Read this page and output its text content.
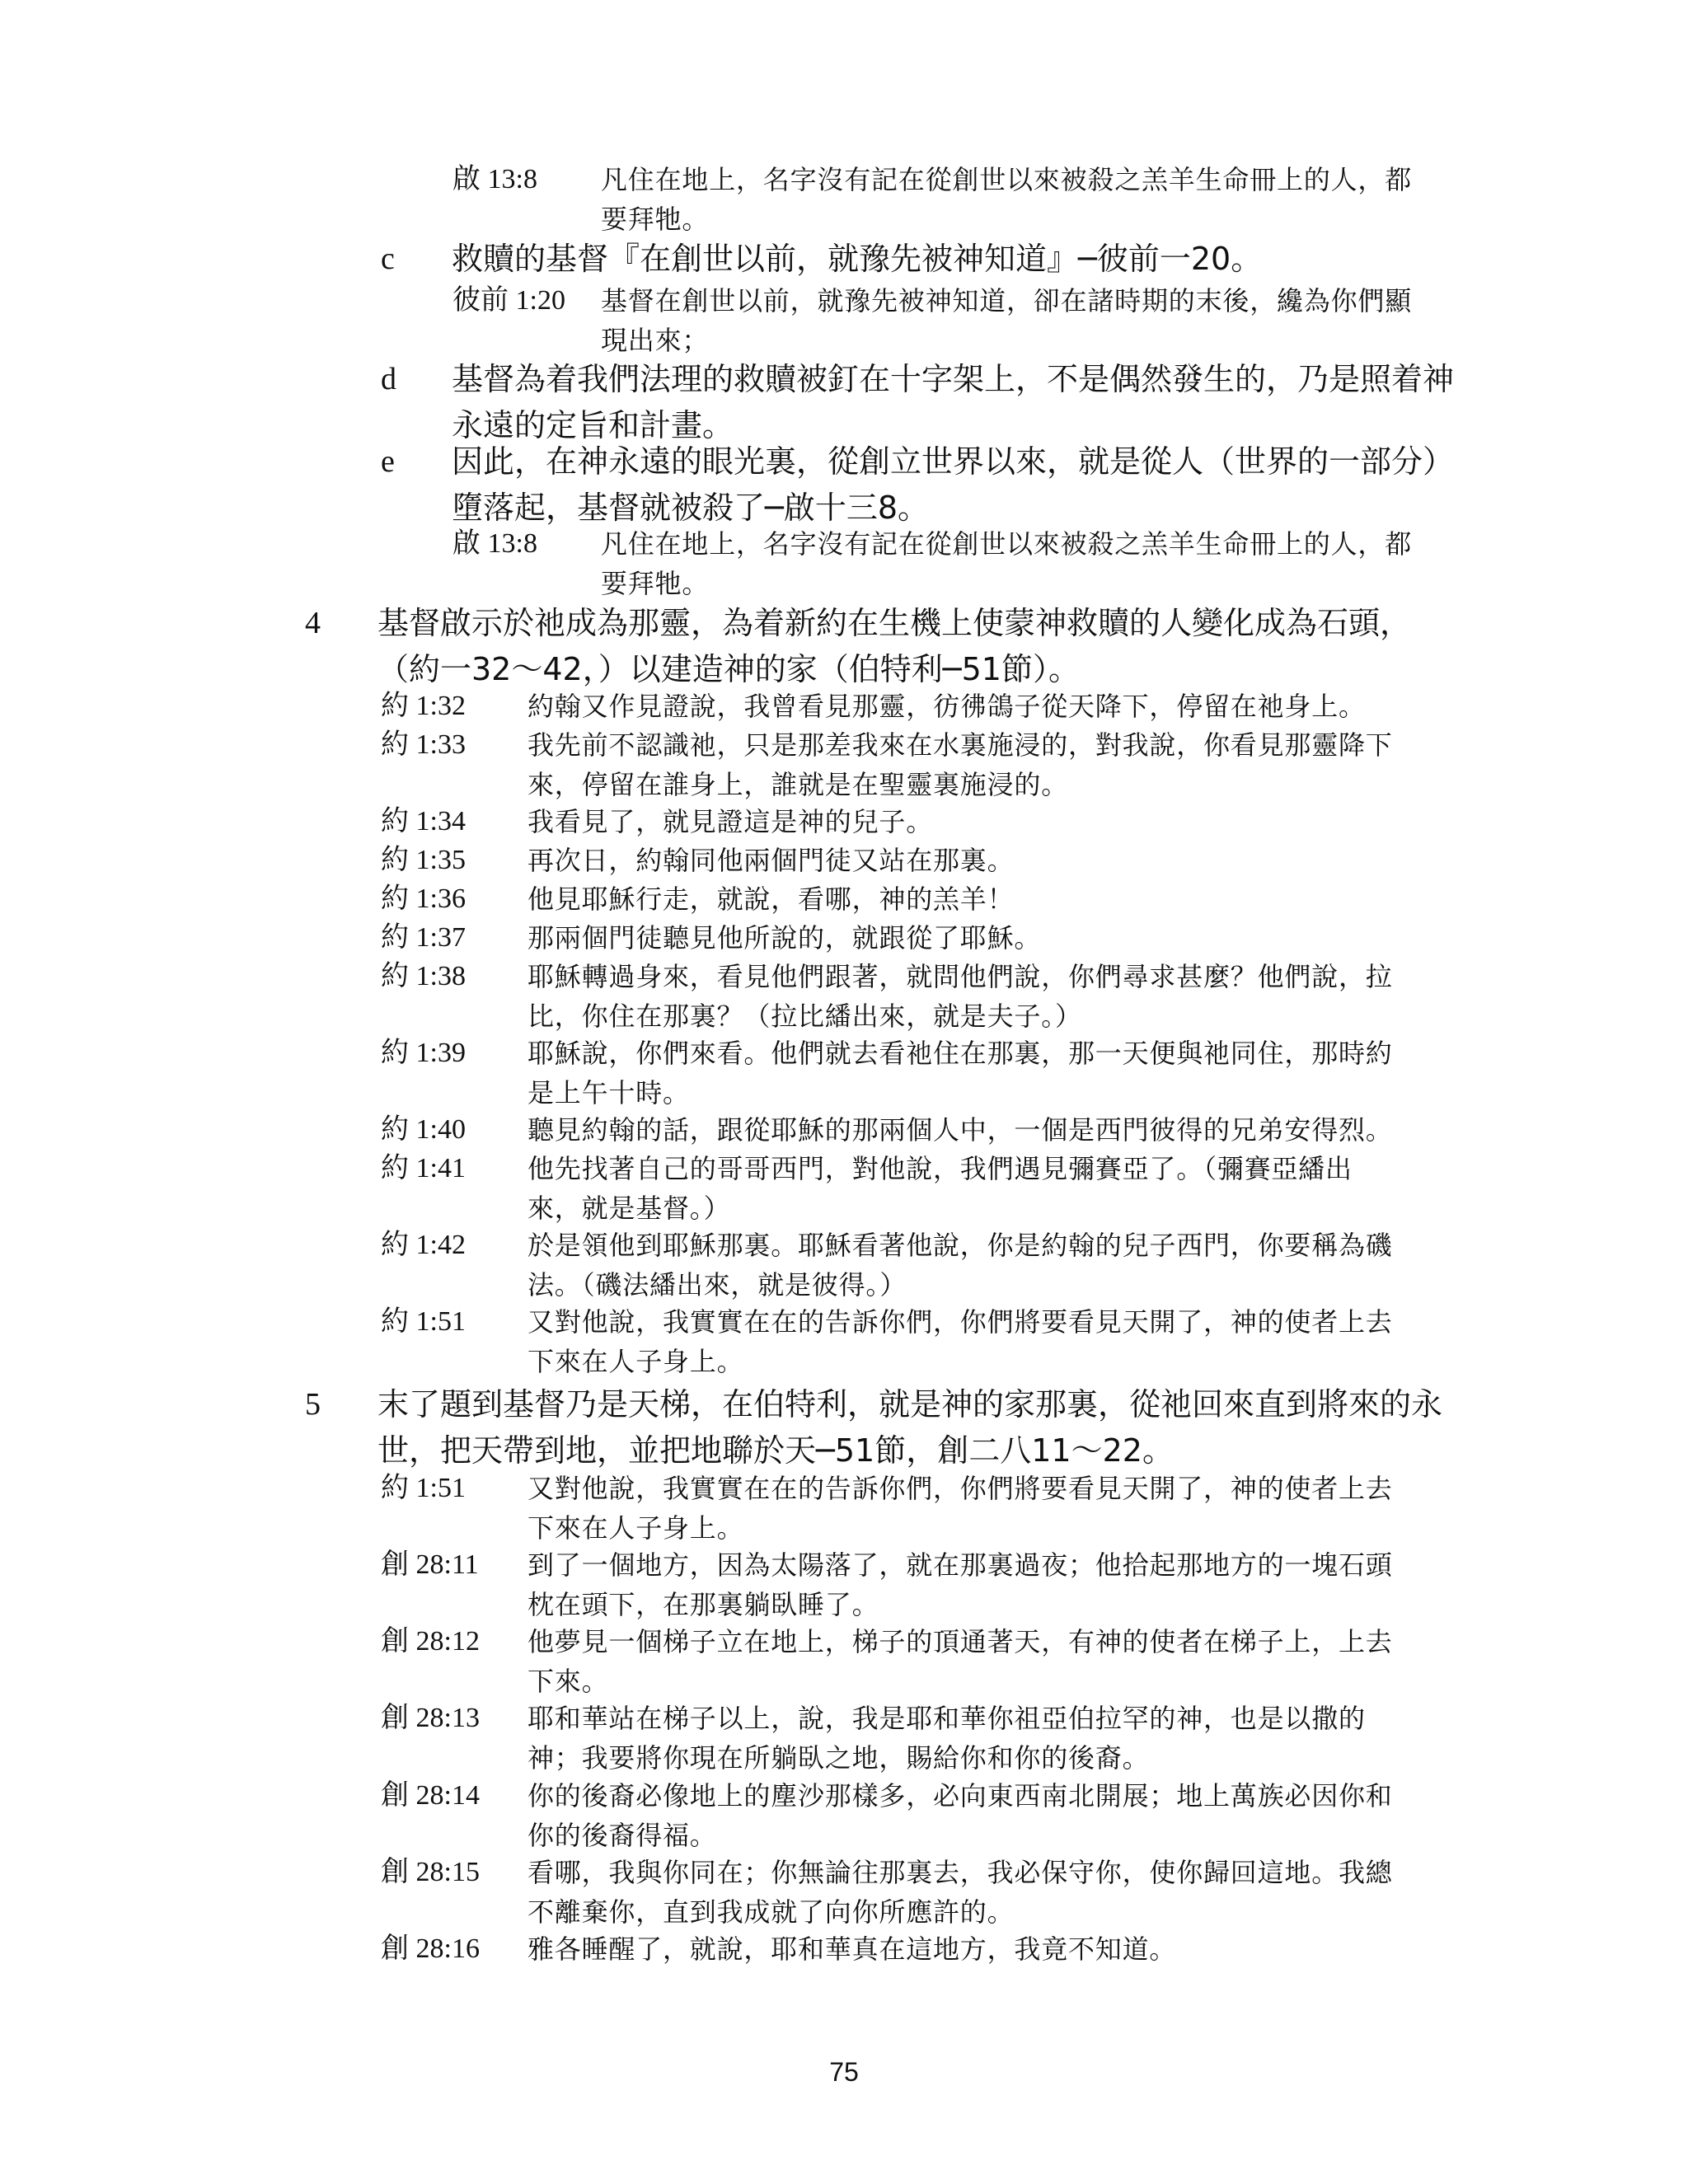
啟 13:8 凡住在地上，名字沒有記在從創世以來被殺之羔羊生命冊上的人，都
要拜牠。
c 救贖的基督『在創世以前，就豫先被神知道』─彼前一20。
彼前 1:20 基督在創世以前，就豫先被神知道，卻在諸時期的末後，纔為你們顯
現出來；
d 基督為着我們法理的救贖被釘在十字架上，不是偶然發生的，乃是照着神
永遠的定旨和計畫。
e 因此，在神永遠的眼光裏，從創立世界以來，就是從人（世界的一部分）
墮落起，基督就被殺了─啟十三8。
啟 13:8 凡住在地上，名字沒有記在從創世以來被殺之羔羊生命冊上的人，都
要拜牠。
4 基督啟示於祂成為那靈，為着新約在生機上使蒙神救贖的人變化成為石頭，
（約一32～42，）以建造神的家（伯特利─51節）。
約 1:32 約翰又作見證說，我曾看見那靈，彷彿鴿子從天降下，停留在祂身上。
約 1:33 我先前不認識祂，只是那差我來在水裏施浸的，對我說，你看見那靈降下
來，停留在誰身上，誰就是在聖靈裏施浸的。
約 1:34 我看見了，就見證這是神的兒子。
約 1:35 再次日，約翰同他兩個門徒又站在那裏。
約 1:36 他見耶穌行走，就說，看哪，神的羔羊！
約 1:37 那兩個門徒聽見他所說的，就跟從了耶穌。
約 1:38 耶穌轉過身來，看見他們跟著，就問他們說，你們尋求甚麼？他們說，拉
比，你住在那裏？（拉比繙出來，就是夫子。）
約 1:39 耶穌說，你們來看。他們就去看祂住在那裏，那一天便與祂同住，那時約
是上午十時。
約 1:40 聽見約翰的話，跟從耶穌的那兩個人中，一個是西門彼得的兄弟安得烈。
約 1:41 他先找著自己的哥哥西門，對他說，我們遇見彌賽亞了。（彌賽亞繙出
來，就是基督。）
約 1:42 於是領他到耶穌那裏。耶穌看著他說，你是約翰的兒子西門，你要稱為磯
法。（磯法繙出來，就是彼得。）
約 1:51 又對他說，我實實在在的告訴你們，你們將要看見天開了，神的使者上去
下來在人子身上。
5 末了題到基督乃是天梯，在伯特利，就是神的家那裏，從祂回來直到將來的永
世，把天帶到地，並把地聯於天─51節，創二八11～22。
約 1:51 又對他說，我實實在在的告訴你們，你們將要看見天開了，神的使者上去
下來在人子身上。
創 28:11 到了一個地方，因為太陽落了，就在那裏過夜；他拾起那地方的一塊石頭
枕在頭下，在那裏躺臥睡了。
創 28:12 他夢見一個梯子立在地上，梯子的頂通著天，有神的使者在梯子上，上去
下來。
創 28:13 耶和華站在梯子以上，說，我是耶和華你祖亞伯拉罕的神，也是以撒的
神；我要將你現在所躺臥之地，賜給你和你的後裔。
創 28:14 你的後裔必像地上的塵沙那樣多，必向東西南北開展；地上萬族必因你和
你的後裔得福。
創 28:15 看哪，我與你同在；你無論往那裏去，我必保守你，使你歸回這地。我總
不離棄你，直到我成就了向你所應許的。
創 28:16 雅各睡醒了，就說，耶和華真在這地方，我竟不知道。
75
